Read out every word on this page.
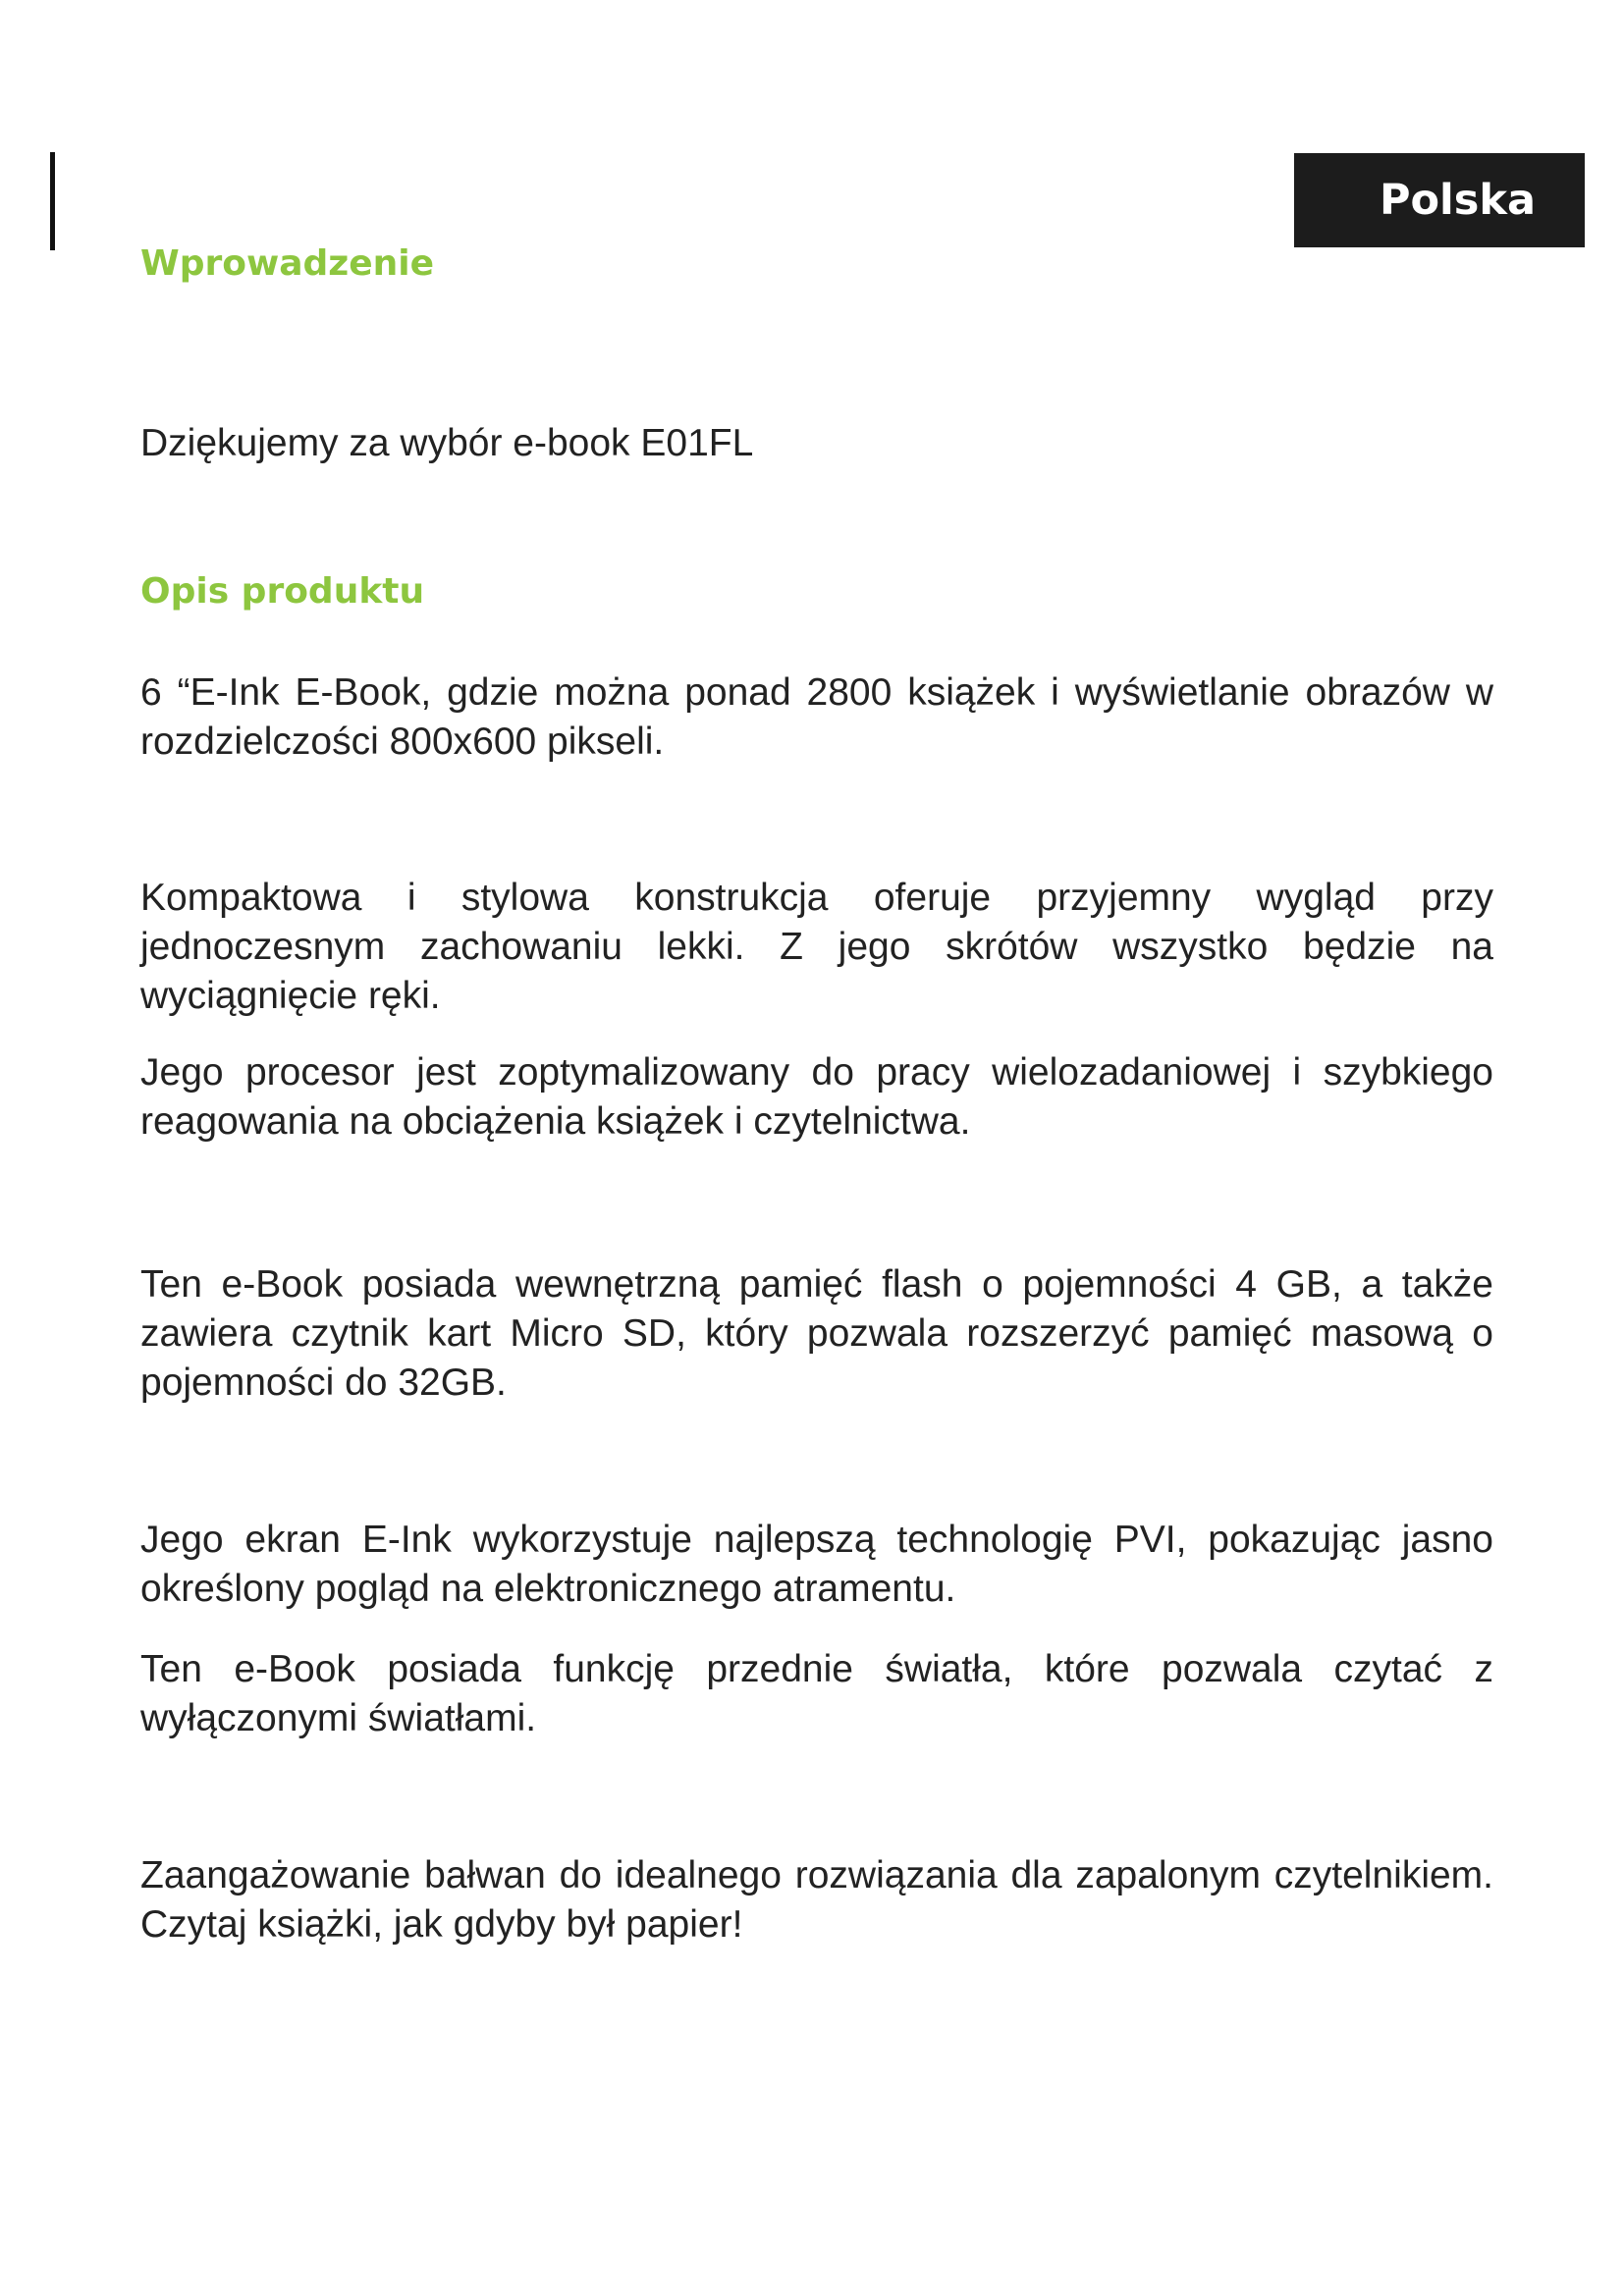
Polska
Wprowadzenie

Dziękujemy za wybór e-book E01FL

Opis produktu

6 “E-Ink E-Book, gdzie można ponad 2800 książek i wyświetlanie obrazów w rozdzielczości 800x600 pikseli.

Kompaktowa i stylowa konstrukcja oferuje przyjemny wygląd przy jednoczesnym zachowaniu lekki. Z jego skrótów wszystko będzie na wyciągnięcie ręki.

Jego procesor jest zoptymalizowany do pracy wielozadaniowej i szybkiego reagowania na obciążenia książek i czytelnictwa.

Ten e-Book posiada wewnętrzną pamięć flash o pojemności 4 GB, a także zawiera czytnik kart Micro SD, który pozwala rozszerzyć pamięć masową o pojemności do 32GB.

Jego ekran E-Ink wykorzystuje najlepszą technologię PVI, pokazując jasno określony pogląd na elektronicznego atramentu.

Ten e-Book posiada funkcję przednie światła, które pozwala czytać z wyłączonymi światłami.

Zaangażowanie bałwan do idealnego rozwiązania dla zapalonym czytelnikiem. Czytaj książki, jak gdyby był papier!
